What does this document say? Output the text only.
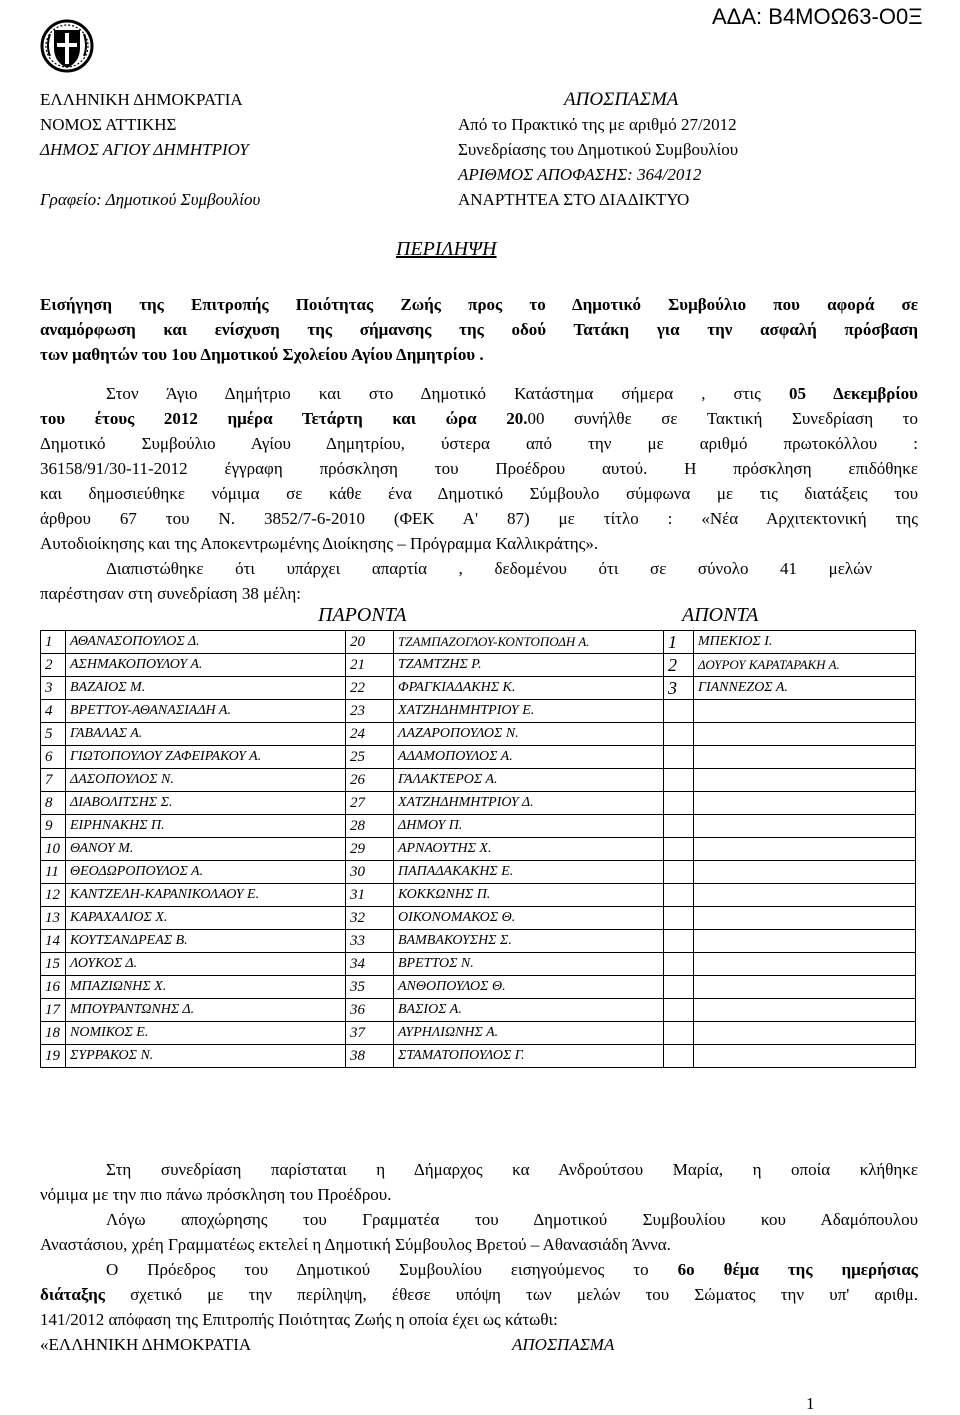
ΑΔΑ: Β4ΜΟΩ63-Ο0Ξ
ΕΛΛΗΝΙΚΗ ΔΗΜΟΚΡΑΤΙΑ
ΝΟΜΟΣ ΑΤΤΙΚΗΣ
ΔΗΜΟΣ ΑΓΙΟΥ ΔΗΜΗΤΡΙΟΥ
Γραφείο: Δημοτικού Συμβουλίου
ΑΠΟΣΠΑΣΜΑ
Από το Πρακτικό της με αριθμό 27/2012
Συνεδρίασης του Δημοτικού Συμβουλίου
ΑΡΙΘΜΟΣ ΑΠΟΦΑΣΗΣ: 364/2012
ΑΝΑΡΤΗΤΕΑ ΣΤΟ ΔΙΑΔΙΚΤΥΟ
ΠΕΡΙΛΗΨΗ
Εισήγηση της Επιτροπής Ποιότητας Ζωής προς το Δημοτικό Συμβούλιο που αφορά σε
αναμόρφωση και ενίσχυση της σήμανσης της οδού Τατάκη για την ασφαλή πρόσβαση
των μαθητών του 1ου Δημοτικού Σχολείου Αγίου Δημητρίου .
Στον Άγιο Δημήτριο και στο Δημοτικό Κατάστημα σήμερα , στις 05 Δεκεμβρίου
του έτους 2012 ημέρα Τετάρτη και ώρα 20.00 συνήλθε σε Τακτική Συνεδρίαση το
Δημοτικό Συμβούλιο Αγίου Δημητρίου, ύστερα από την με αριθμό πρωτοκόλλου :
36158/91/30-11-2012 έγγραφη πρόσκληση του Προέδρου αυτού. Η πρόσκληση επιδόθηκε
και δημοσιεύθηκε νόμιμα σε κάθε ένα Δημοτικό Σύμβουλο σύμφωνα με τις διατάξεις του
άρθρου 67 του Ν. 3852/7-6-2010 (ΦΕΚ Α' 87) με τίτλο : «Νέα Αρχιτεκτονική της
Αυτοδιοίκησης και της Αποκεντρωμένης Διοίκησης – Πρόγραμμα Καλλικράτης».
Διαπιστώθηκε ότι υπάρχει απαρτία , δεδομένου ότι σε σύνολο 41 μελών
παρέστησαν στη συνεδρίαση 38 μέλη:
ΠΑΡΟΝΤΑ	ΑΠΟΝΤΑ
1	ΑΘΑΝΑΣΟΠΟΥΛΟΣ Δ.	20	ΤΖΑΜΠΑΖΟΓΛΟΥ-ΚΟΝΤΟΠΟΔΗ Α.	1	ΜΠΕΚΙΟΣ Ι.
2	ΑΣΗΜΑΚΟΠΟΥΛΟΥ Α.	21	ΤΖΑΜΤΖΗΣ Ρ.	2	ΔΟΥΡΟΥ ΚΑΡΑΤΑΡΑΚΗ Α.
3	ΒΑΖΑΙΟΣ Μ.	22	ΦΡΑΓΚΙΑΔΑΚΗΣ Κ.	3	ΓΙΑΝΝΕΖΟΣ Α.
4	ΒΡΕΤΤΟΥ-ΑΘΑΝΑΣΙΑΔΗ Α.	23	ΧΑΤΖΗΔΗΜΗΤΡΙΟΥ Ε.		
5	ΓΑΒΑΛΑΣ Α.	24	ΛΑΖΑΡΟΠΟΥΛΟΣ Ν.		
6	ΓΙΩΤΟΠΟΥΛΟΥ ΖΑΦΕΙΡΑΚΟΥ Α.	25	ΑΔΑΜΟΠΟΥΛΟΣ Α.		
7	ΔΑΣΟΠΟΥΛΟΣ Ν.	26	ΓΑΛΑΚΤΕΡΟΣ Α.		
8	ΔΙΑΒΟΛΙΤΣΗΣ Σ.	27	ΧΑΤΖΗΔΗΜΗΤΡΙΟΥ Δ.		
9	ΕΙΡΗΝΑΚΗΣ Π.	28	ΔΗΜΟΥ Π.		
10	ΘΑΝΟΥ Μ.	29	ΑΡΝΑΟΥΤΗΣ Χ.		
11	ΘΕΟΔΩΡΟΠΟΥΛΟΣ Α.	30	ΠΑΠΑΔΑΚΑΚΗΣ Ε.		
12	ΚΑΝΤΖΕΛΗ-ΚΑΡΑΝΙΚΟΛΑΟΥ Ε.	31	ΚΟΚΚΩΝΗΣ Π.		
13	ΚΑΡΑΧΑΛΙΟΣ Χ.	32	ΟΙΚΟΝΟΜΑΚΟΣ Θ.		
14	ΚΟΥΤΣΑΝΔΡΕΑΣ Β.	33	ΒΑΜΒΑΚΟΥΣΗΣ Σ.		
15	ΛΟΥΚΟΣ Δ.	34	ΒΡΕΤΤΟΣ Ν.		
16	ΜΠΑΖΙΩΝΗΣ Χ.	35	ΑΝΘΟΠΟΥΛΟΣ Θ.		
17	ΜΠΟΥΡΑΝΤΩΝΗΣ Δ.	36	ΒΑΣΙΟΣ Α.		
18	ΝΟΜΙΚΟΣ Ε.	37	ΑΥΡΗΛΙΩΝΗΣ Α.		
19	ΣΥΡΡΑΚΟΣ Ν.	38	ΣΤΑΜΑΤΟΠΟΥΛΟΣ Γ.		
Στη συνεδρίαση παρίσταται η Δήμαρχος κα Ανδρούτσου Μαρία, η οποία κλήθηκε
νόμιμα με την πιο πάνω πρόσκληση του Προέδρου.
Λόγω αποχώρησης του Γραμματέα του Δημοτικού Συμβουλίου κου Αδαμόπουλου
Αναστάσιου, χρέη Γραμματέως εκτελεί η Δημοτική Σύμβουλος Βρετού – Αθανασιάδη Άννα.
Ο Πρόεδρος του Δημοτικού Συμβουλίου εισηγούμενος το 6ο θέμα της ημερήσιας
διάταξης σχετικό με την περίληψη, έθεσε υπόψη των μελών του Σώματος την υπ' αριθμ.
141/2012 απόφαση της Επιτροπής Ποιότητας Ζωής η οποία έχει ως κάτωθι:
«ΕΛΛΗΝΙΚΗ ΔΗΜΟΚΡΑΤΙΑ	ΑΠΟΣΠΑΣΜΑ
1
